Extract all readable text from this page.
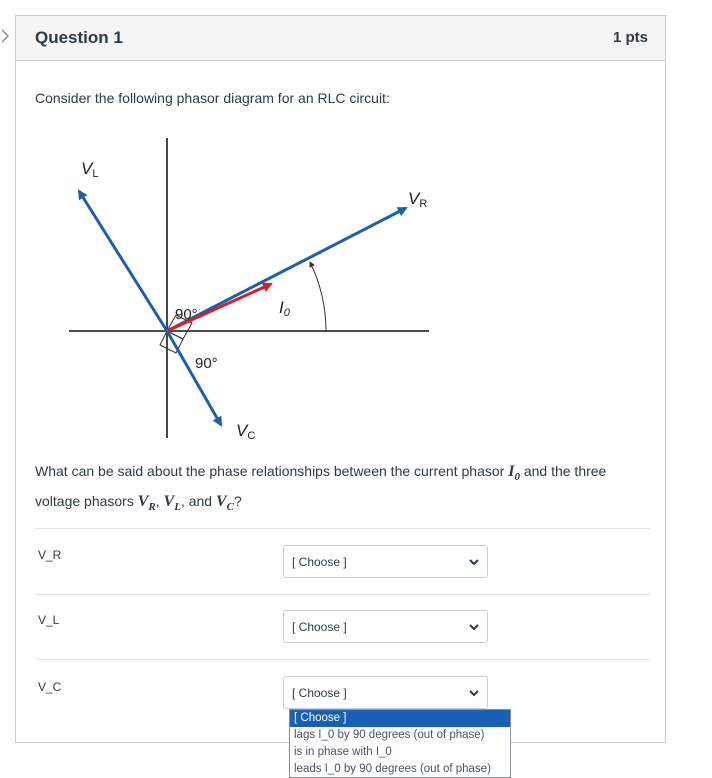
Question 1	1 pts
Consider the following phasor diagram for an RLC circuit:
VL
VR
VC
I0
90°
90°
What can be said about the phase relationships between the current phasor $I_0$ and the three voltage phasors $V_R$, $V_L$, and $V_C$?
V_R	[ Choose ]
V_L	[ Choose ]
V_C	[ Choose ]
[ Choose ]
lags I_0 by 90 degrees (out of phase)
is in phase with I_0
leads I_0 by 90 degrees (out of phase)
